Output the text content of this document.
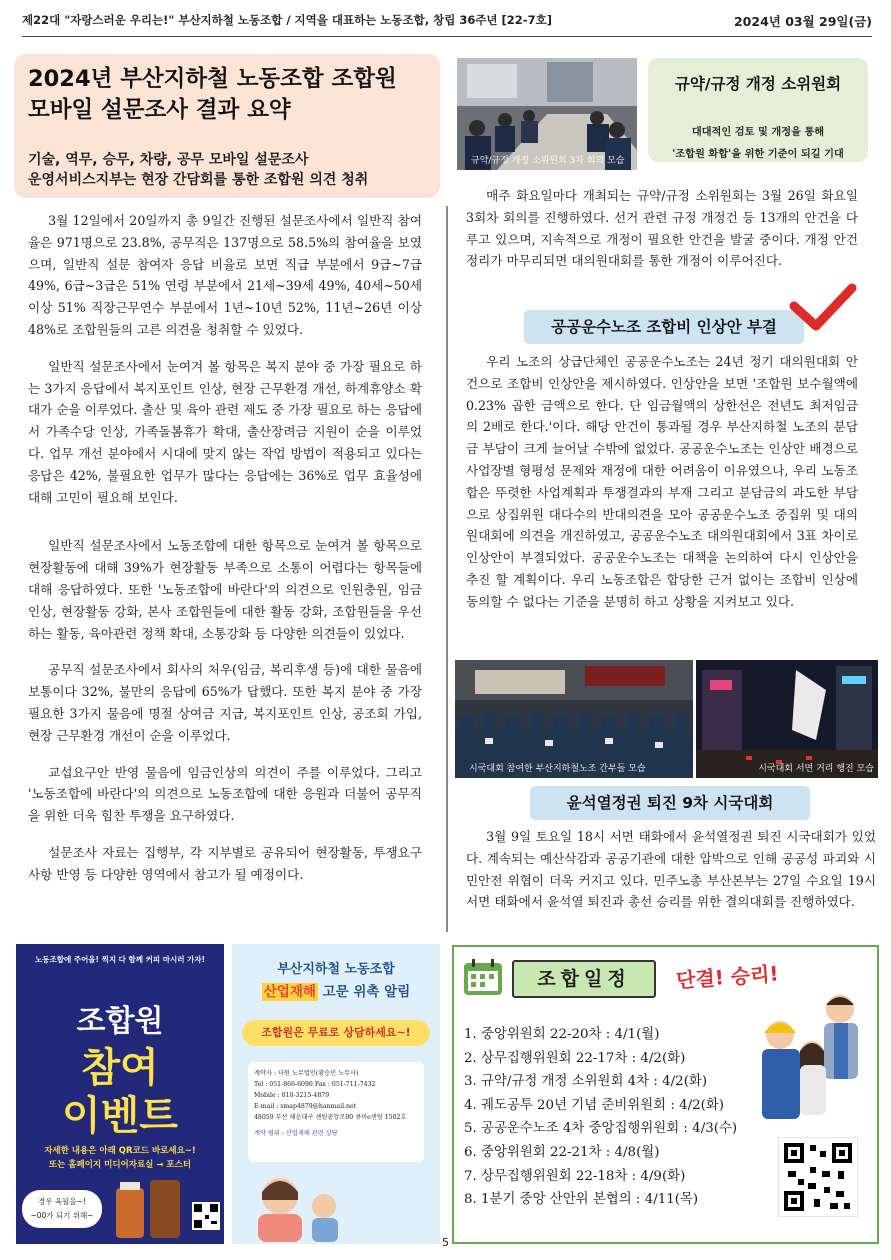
제22대 "자랑스러운 우리는!" 부산지하철 노동조합 / 지역을 대표하는 노동조합, 창립 36주년 [22-7호]	2024년 03월 29일(금)
2024년 부산지하철 노동조합 조합원
모바일 설문조사 결과 요약
기술, 역무, 승무, 차량, 공무 모바일 설문조사
운영서비스지부는 현장 간담회를 통한 조합원 의견 청취

3월 12일에서 20일까지 총 9일간 진행된 설문조사에서 일반직 참여율은 971명으로 23.8%, 공무직은 137명으로 58.5%의 참여율을 보였으며, 일반직 설문 참여자 응답 비율로 보면 직급 부분에서 9급~7급 49%, 6급~3급은 51% 연령 부분에서 21세~39세 49%, 40세~50세 이상 51% 직장근무연수 부분에서 1년~10년 52%, 11년~26년 이상 48%로 조합원들의 고른 의견을 청취할 수 있었다.

일반직 설문조사에서 눈여겨 볼 항목은 복지 분야 중 가장 필요로 하는 3가지 응답에서 복지포인트 인상, 현장 근무환경 개선, 하계휴양소 확대가 순을 이루었다. 출산 및 육아 관련 제도 중 가장 필요로 하는 응답에서 가족수당 인상, 가족돌봄휴가 확대, 출산장려금 지원이 순을 이루었다. 업무 개선 분야에서 시대에 맞지 않는 작업 방법이 적용되고 있다는 응답은 42%, 불필요한 업무가 많다는 응답에는 36%로 업무 효율성에 대해 고민이 필요해 보인다.

일반직 설문조사에서 노동조합에 대한 항목으로 눈여겨 볼 항목으로 현장활동에 대해 39%가 현장활동 부족으로 소통이 어렵다는 항목들에 대해 응답하였다. 또한 '노동조합에 바란다'의 의견으로 인원충원, 임금인상, 현장활동 강화, 본사 조합원들에 대한 활동 강화, 조합원들을 우선하는 활동, 육아관련 정책 확대, 소통강화 등 다양한 의견들이 있었다.

공무직 설문조사에서 회사의 처우(임금, 복리후생 등)에 대한 물음에 보통이다 32%, 불만의 응답에 65%가 답했다. 또한 복지 분야 중 가장 필요한 3가지 물음에 명절 상여금 지급, 복지포인트 인상, 공조회 가입, 현장 근무환경 개선이 순을 이루었다.

교섭요구안 반영 물음에 임금인상의 의견이 주를 이루었다. 그리고 '노동조합에 바란다'의 의견으로 노동조합에 대한 응원과 더불어 공무직을 위한 더욱 힘찬 투쟁을 요구하였다.

설문조사 자료는 집행부, 각 지부별로 공유되어 현장활동, 투쟁요구사항 반영 등 다양한 영역에서 참고가 될 예정이다.

규약/규정 개정 소위원회 3차 회의 모습
규약/규정 개정 소위원회
대대적인 검토 및 개정을 통해
'조합원 화합'을 위한 기준이 되길 기대

매주 화요일마다 개최되는 규약/규정 소위원회는 3월 26일 화요일 3회차 회의를 진행하였다. 선거 관련 규정 개정건 등 13개의 안건을 다루고 있으며, 지속적으로 개정이 필요한 안건을 발굴 중이다. 개정 안건 정리가 마무리되면 대의원대회를 통한 개정이 이루어진다.

공공운수노조 조합비 인상안 부결

우리 노조의 상급단체인 공공운수노조는 24년 정기 대의원대회 안건으로 조합비 인상안을 제시하였다. 인상안을 보면 '조합원 보수월액에 0.23% 곱한 금액으로 한다. 단 임금월액의 상한선은 전년도 최저임금의 2배로 한다.'이다. 해당 안건이 통과될 경우 부산지하철 노조의 분담금 부담이 크게 늘어날 수밖에 없었다. 공공운수노조는 인상안 배경으로 사업장별 형평성 문제와 재정에 대한 어려움이 이유였으나, 우리 노동조합은 뚜렷한 사업계획과 투쟁결과의 부재 그리고 분담금의 과도한 부담으로 상집위원 대다수의 반대의견을 모아 공공운수노조 중집위 및 대의원대회에 의견을 개진하였고, 공공운수노조 대의원대회에서 3표 차이로 인상안이 부결되었다. 공공운수노조는 대책을 논의하여 다시 인상안을 추진 할 계획이다. 우리 노동조합은 합당한 근거 없이는 조합비 인상에 동의할 수 없다는 기준을 분명히 하고 상황을 지켜보고 있다.

시국대회 참여한 부산지하철노조 간부들 모습	시국대회 서면 거리 행진 모습
윤석열정권 퇴진 9차 시국대회

3월 9일 토요일 18시 서면 태화에서 윤석열정권 퇴진 시국대회가 있었다. 계속되는 예산삭감과 공공기관에 대한 압박으로 인해 공공성 파괴와 시민안전 위협이 더욱 커지고 있다. 민주노총 부산본부는 27일 수요일 19시 서면 태화에서 윤석열 퇴진과 총선 승리를 위한 결의대회를 진행하였다.

노동조합에 주어올! 찍지 다 함께 커피 마시러 가자!
조합원
참여
이벤트
자세한 내용은 아래 QR코드 바로세요~!
또는 홈페이지 미디어자료실 → 포스터
경우 육필을~!
~00가 되기 위해~
부산지하철 노동조합
산업재해 고문 위촉 알림
조합원은 무료로 상담하세요~!
계약자 : 더원 노무법인(황승민 노무사)
Tel : 051-866-6090 Fax : 051-711-7432
Mobile : 010-3215-4879
E-mail : smap4879@hanmail.net
48059 부산 해운대구 센텀중앙로90 큐비e센텀 1502호
계약 범위 : 산업재해 관련 상담
조합일정	단결! 승리!
1. 중앙위원회 22-20차 : 4/1(월)
2. 상무집행위원회 22-17차 : 4/2(화)
3. 규약/규정 개정 소위원회 4차 : 4/2(화)
4. 궤도공투 20년 기념 준비위원회 : 4/2(화)
5. 공공운수노조 4차 중앙집행위원회 : 4/3(수)
6. 중앙위원회 22-21차 : 4/8(월)
7. 상무집행위원회 22-18차 : 4/9(화)
8. 1분기 중앙 산안위 본협의 : 4/11(목)
5
